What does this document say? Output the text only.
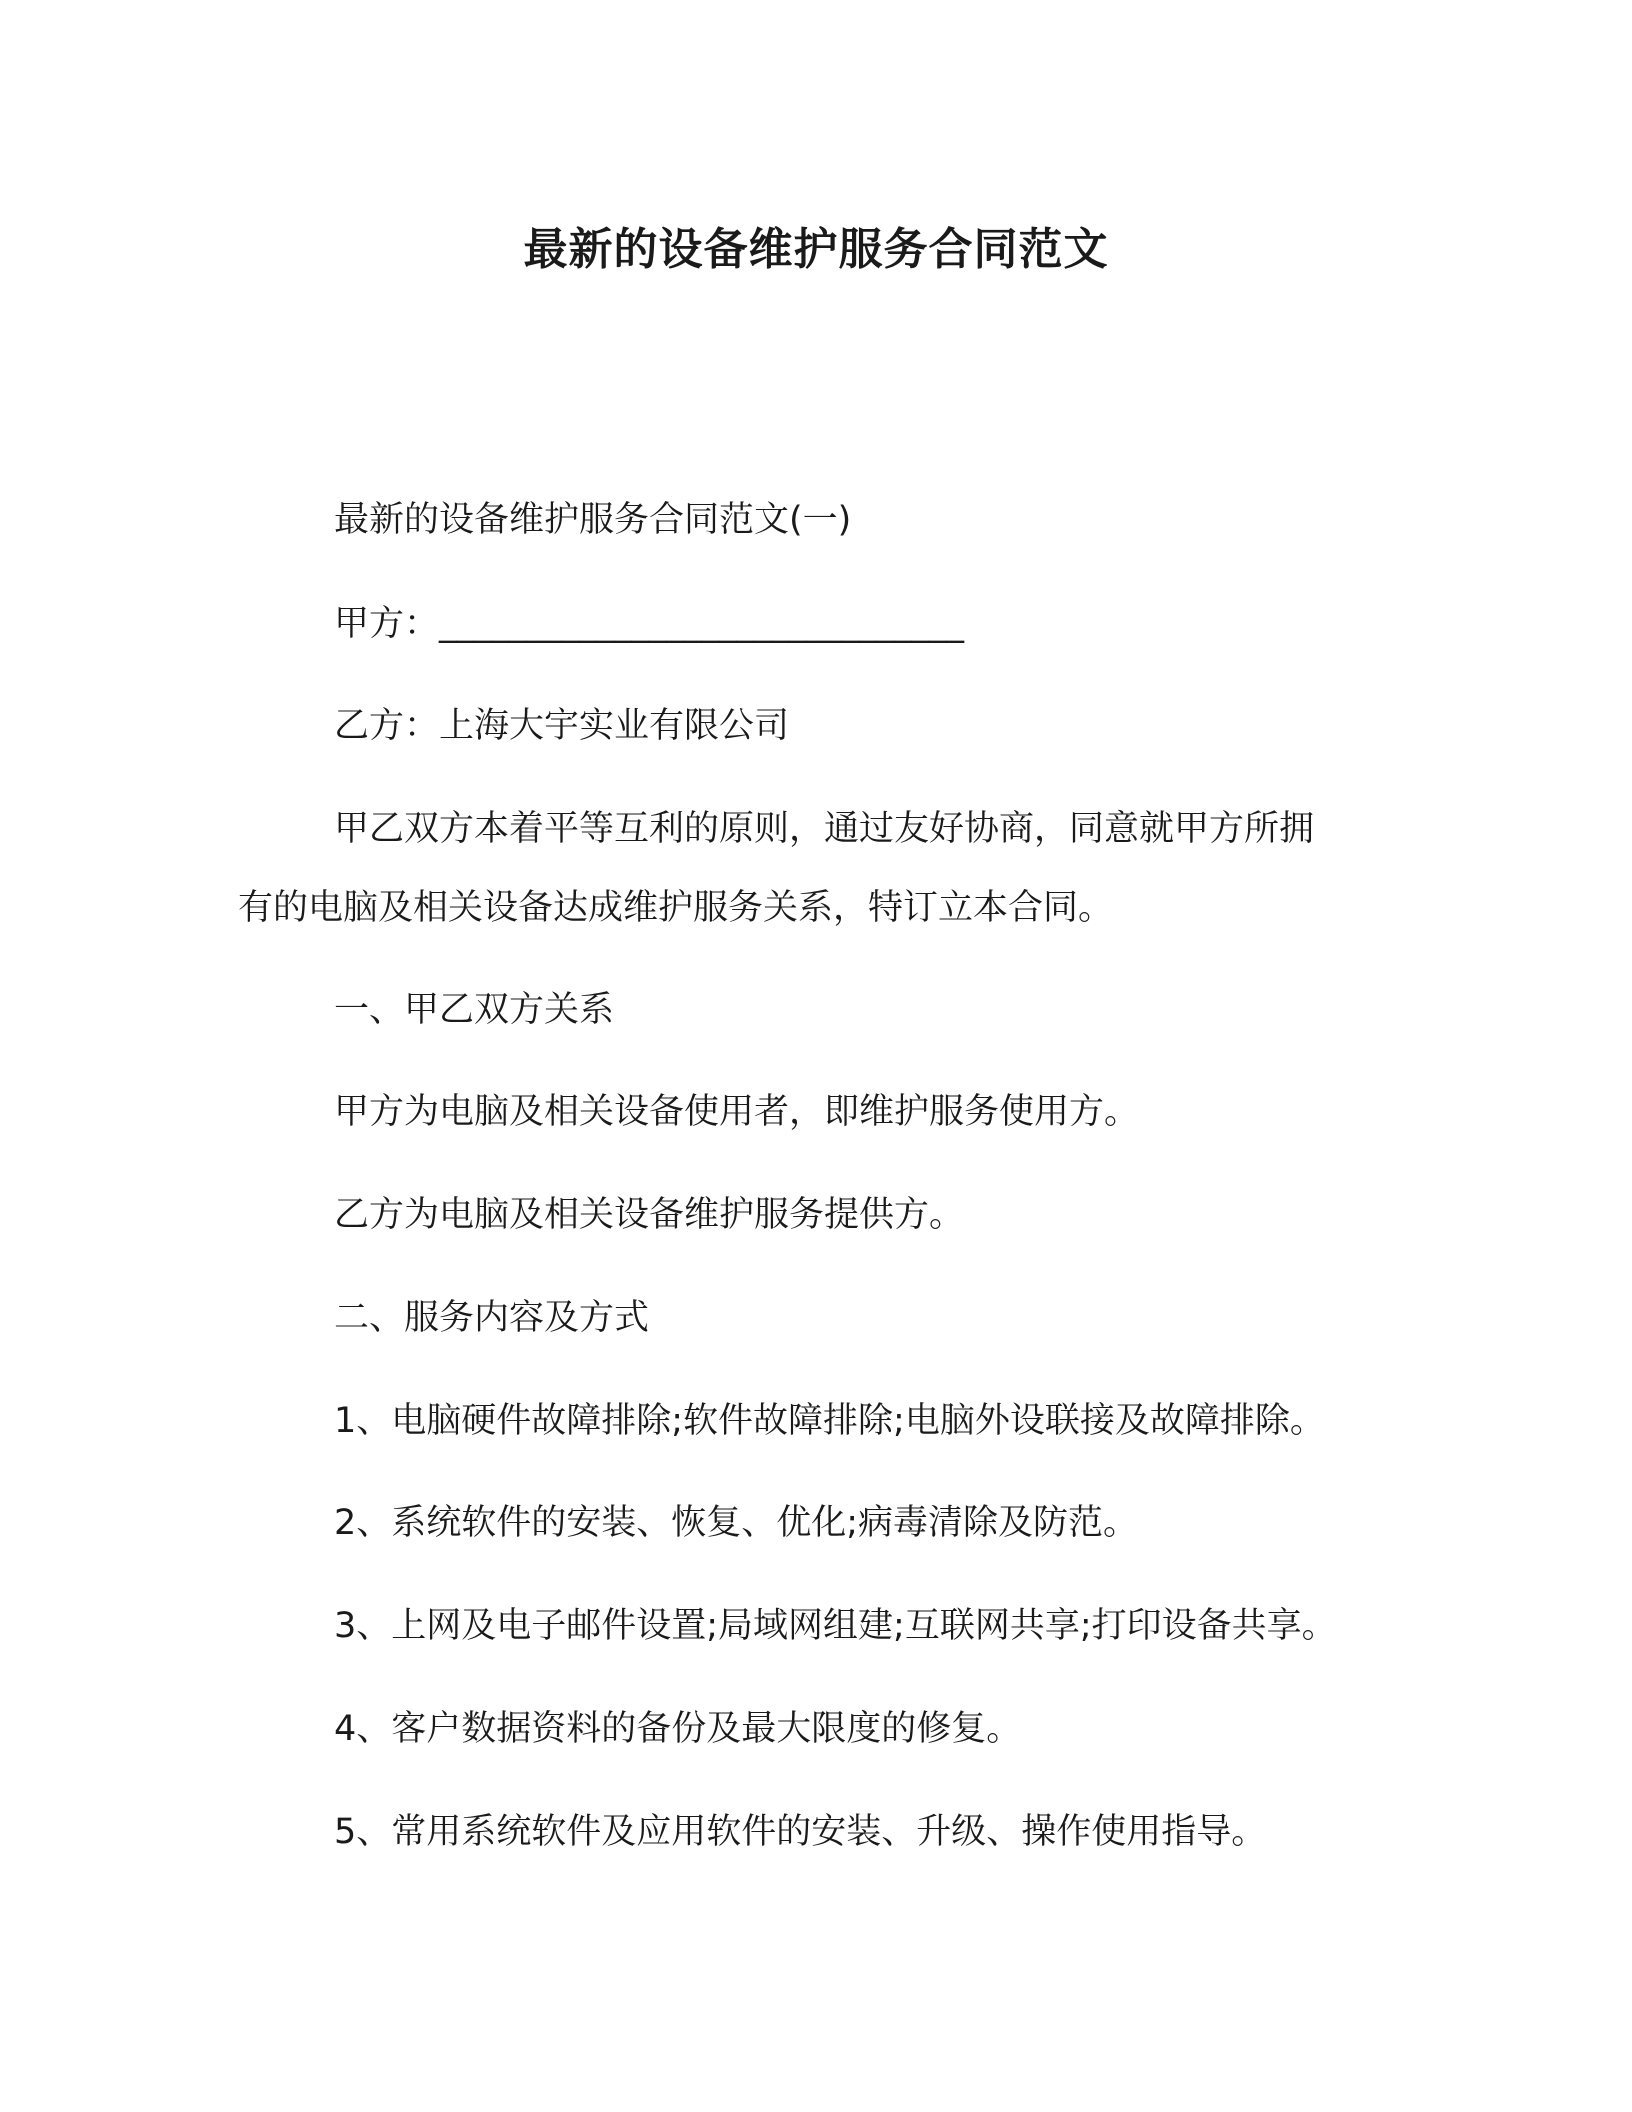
最新的设备维护服务合同范文
最新的设备维护服务合同范文(一)
甲方：______________________________
乙方：上海大宇实业有限公司
甲乙双方本着平等互利的原则，通过友好协商，同意就甲方所拥
有的电脑及相关设备达成维护服务关系，特订立本合同。
一、甲乙双方关系
甲方为电脑及相关设备使用者，即维护服务使用方。
乙方为电脑及相关设备维护服务提供方。
二、服务内容及方式
1、电脑硬件故障排除;软件故障排除;电脑外设联接及故障排除。
2、系统软件的安装、恢复、优化;病毒清除及防范。
3、上网及电子邮件设置;局域网组建;互联网共享;打印设备共享。
4、客户数据资料的备份及最大限度的修复。
5、常用系统软件及应用软件的安装、升级、操作使用指导。
